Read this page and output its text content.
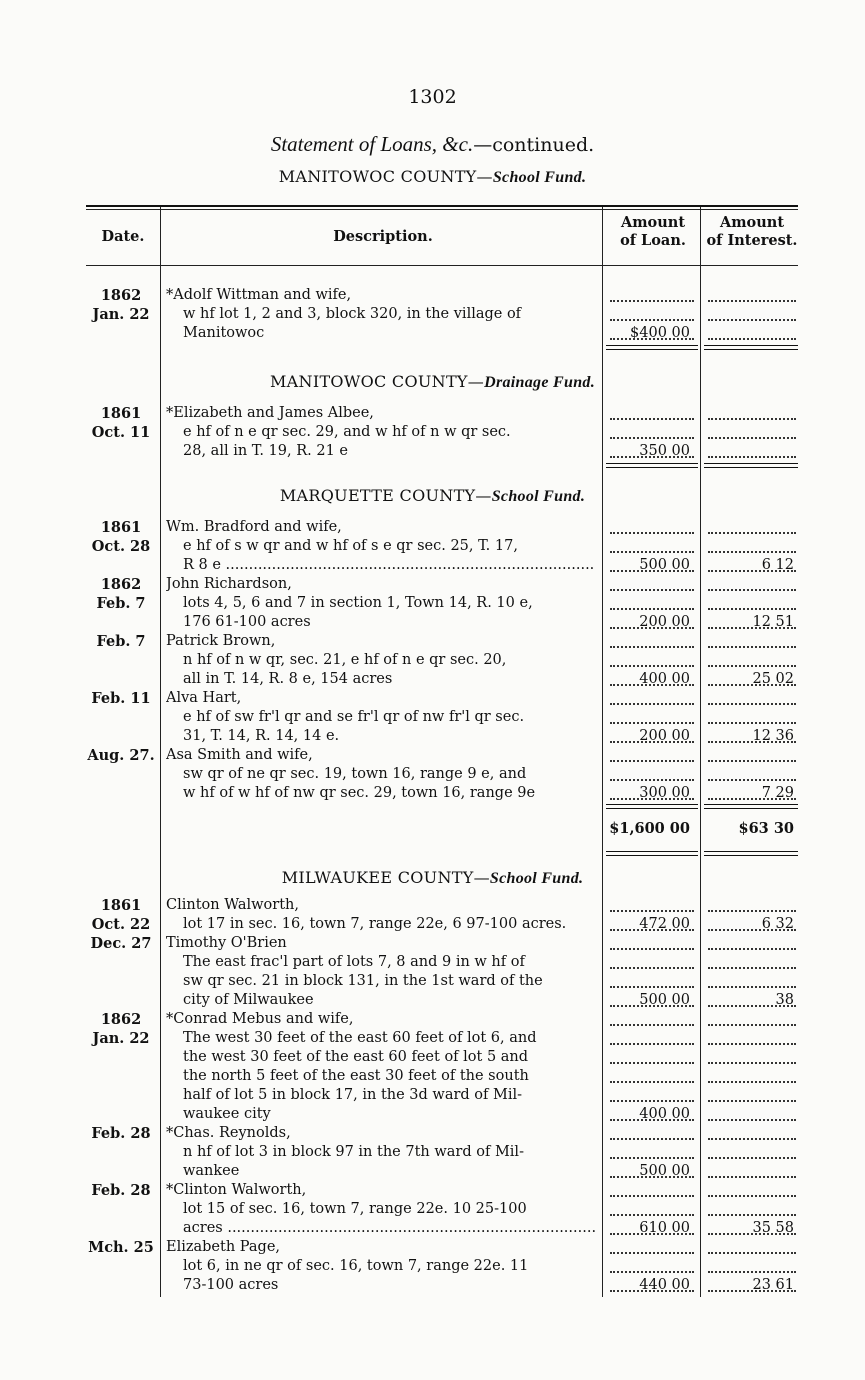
1302
Statement of Loans, &c.—continued.
MANITOWOC COUNTY—School Fund.
Date.	Description.
Amount
of Loan.
Amount
of Interest.
MANITOWOC COUNTY—Drainage Fund.
MARQUETTE COUNTY—School Fund.
MILWAUKEE COUNTY—School Fund.
1862	*Adolf Wittman and wife,
Jan. 22	w hf lot 1, 2 and 3, block 320, in the village of
Manitowoc	$400 00
1861	*Elizabeth and James Albee,
Oct. 11	e hf of n e qr sec. 29, and w hf of n w qr sec.
28, all in T. 19, R. 21 e	350 00
1861	Wm. Bradford and wife,
Oct. 28	e hf of s w qr and w hf of s e qr sec. 25, T. 17,
R 8 e ................................................................................	500 00	6 12
1862	John Richardson,
Feb. 7	lots 4, 5, 6 and 7 in section 1, Town 14, R. 10 e,
176 61-100 acres	200 00	12 51
Feb. 7	Patrick Brown,
n hf of n w qr, sec. 21, e hf of n e qr sec. 20,
all in T. 14, R. 8 e, 154 acres	400 00	25 02
Feb. 11	Alva Hart,
e hf of sw fr'l qr and se fr'l qr of nw fr'l qr sec.
31, T. 14, R. 14, 14 e.	200 00	12 36
Aug. 27. Asa Smith and wife,
sw qr of ne qr sec. 19, town 16, range 9 e, and
w hf of w hf of nw qr sec. 29, town 16, range 9e	300 00	7 29
$1,600 00	$63 30
1861	Clinton Walworth,
Oct. 22	lot 17 in sec. 16, town 7, range 22e, 6 97-100 acres.	472 00	6 32
Dec. 27	Timothy O'Brien
The east frac'l part of lots 7, 8 and 9 in w hf of
sw qr sec. 21 in block 131, in the 1st ward of the
city of Milwaukee	500 00	38
1862	*Conrad Mebus and wife,
Jan. 22	The west 30 feet of the east 60 feet of lot 6, and
the west 30 feet of the east 60 feet of lot 5 and
the north 5 feet of the east 30 feet of the south
half of lot 5 in block 17, in the 3d ward of Mil-
waukee city	400 00
Feb. 28	*Chas. Reynolds,
n hf of lot 3 in block 97 in the 7th ward of Mil-
wankee	500 00
Feb. 28	*Clinton Walworth,
lot 15 of sec. 16, town 7, range 22e. 10 25-100
acres ................................................................................	610 00	35 58
Mch. 25 Elizabeth Page,
lot 6, in ne qr of sec. 16, town 7, range 22e. 11
73-100 acres	440 00	23 61
